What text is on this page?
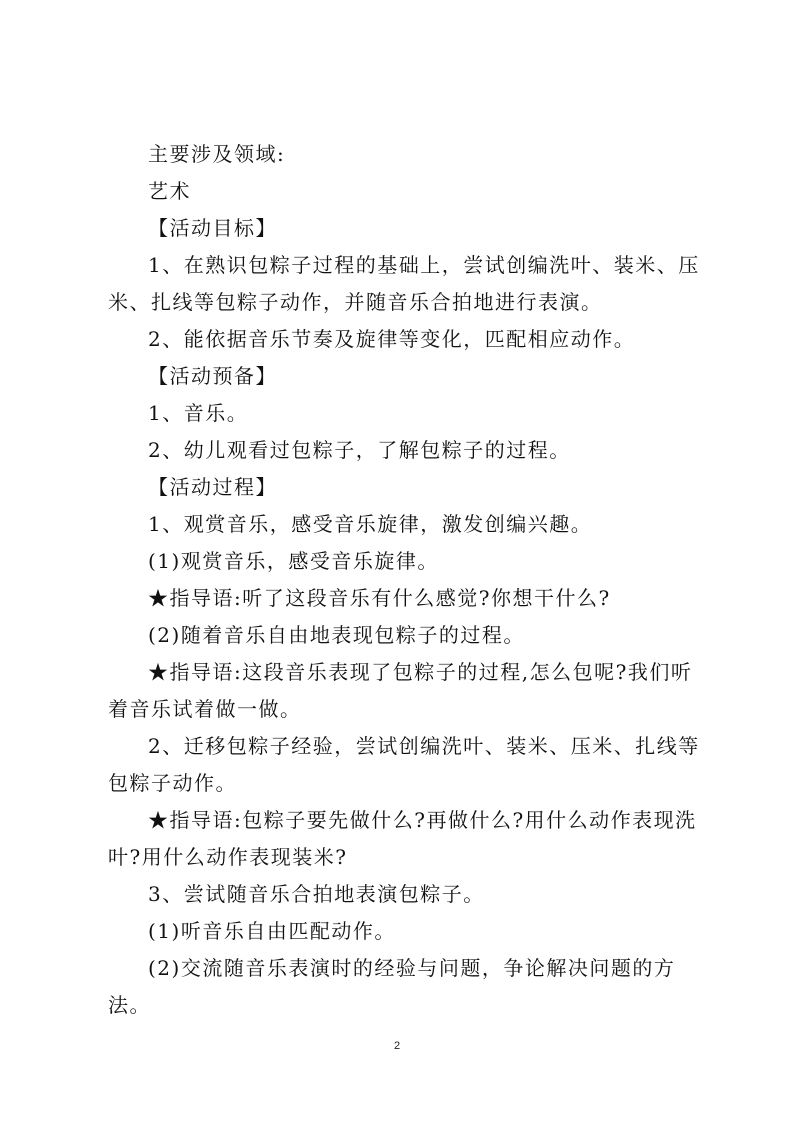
主要涉及领域:

艺术

【活动目标】

1、在熟识包粽子过程的基础上，尝试创编洗叶、装米、压米、扎线等包粽子动作，并随音乐合拍地进行表演。

2、能依据音乐节奏及旋律等变化，匹配相应动作。

【活动预备】

1、音乐。

2、幼儿观看过包粽子，了解包粽子的过程。

【活动过程】

1、观赏音乐，感受音乐旋律，激发创编兴趣。

(1)观赏音乐，感受音乐旋律。

★指导语:听了这段音乐有什么感觉?你想干什么?

(2)随着音乐自由地表现包粽子的过程。

★指导语:这段音乐表现了包粽子的过程,怎么包呢?我们听着音乐试着做一做。

2、迁移包粽子经验，尝试创编洗叶、装米、压米、扎线等包粽子动作。

★指导语:包粽子要先做什么?再做什么?用什么动作表现洗叶?用什么动作表现装米?

3、尝试随音乐合拍地表演包粽子。

(1)听音乐自由匹配动作。

(2)交流随音乐表演时的经验与问题，争论解决问题的方法。

2
